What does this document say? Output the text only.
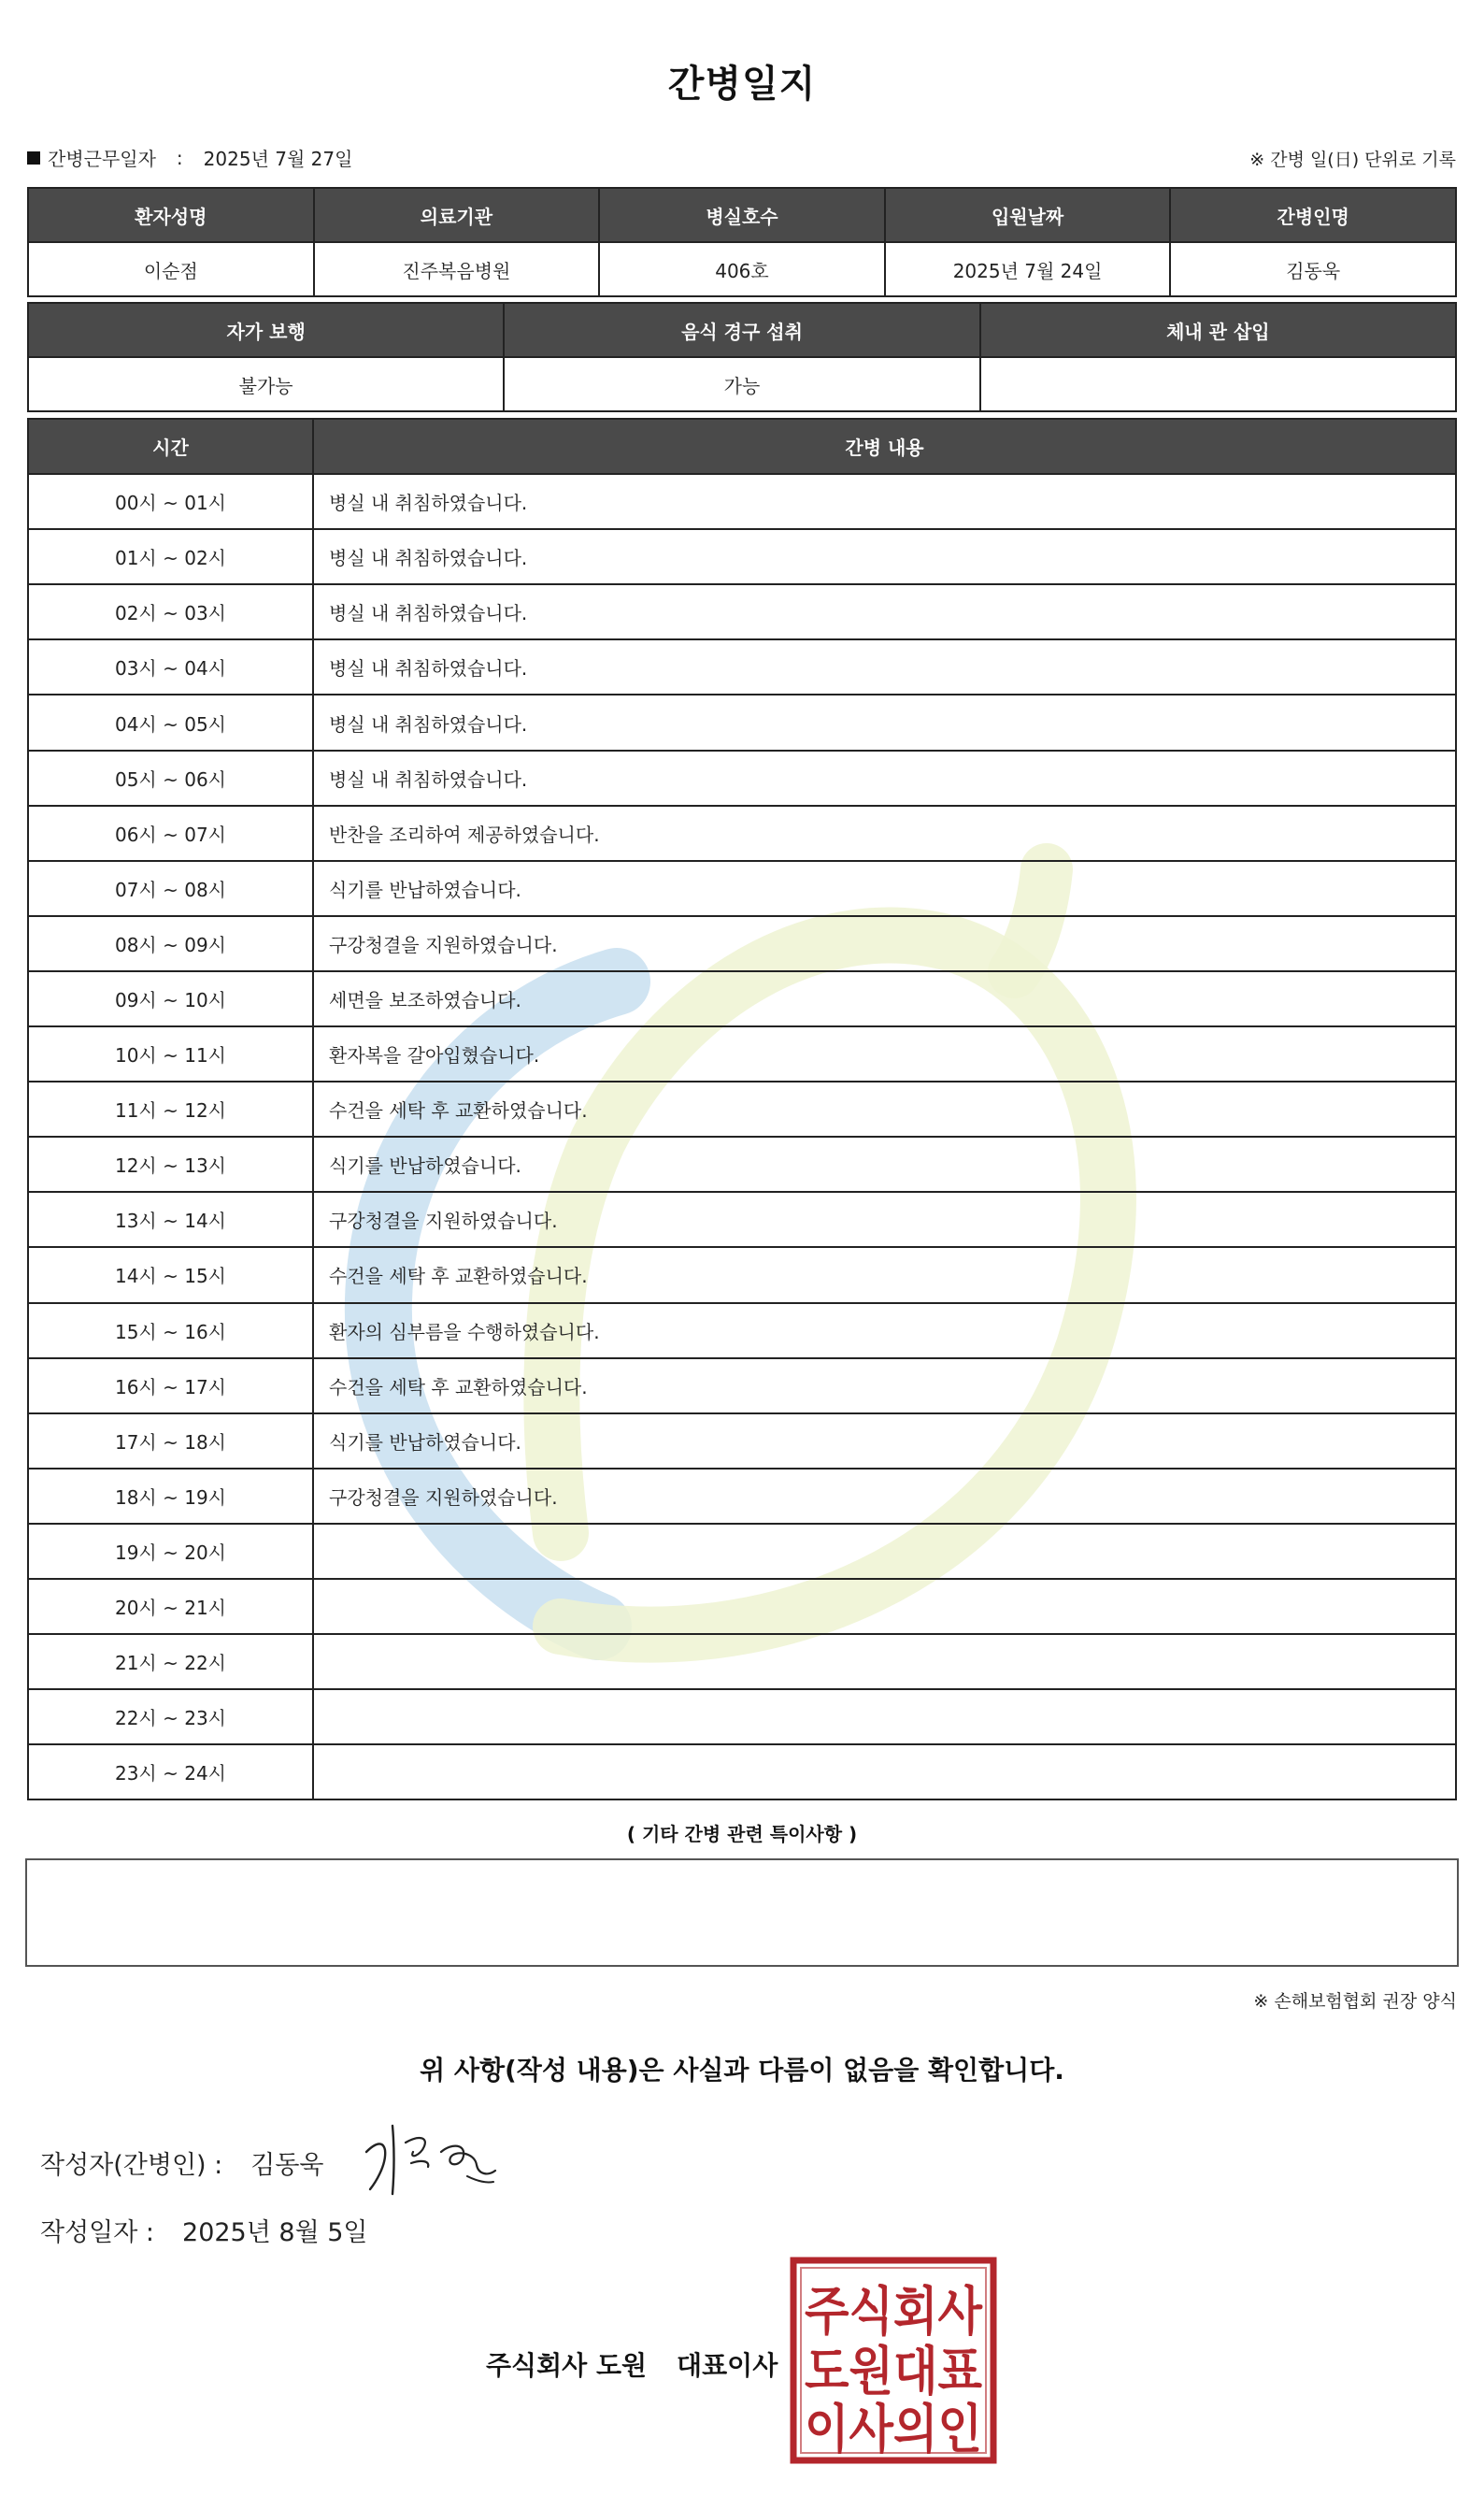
간병일지
간병근무일자 : 2025년 7월 27일	※ 간병 일(日) 단위로 기록
환자성명	의료기관	병실호수	입원날짜	간병인명
이순점	진주복음병원	406호	2025년 7월 24일	김동욱
자가 보행	음식 경구 섭취	체내 관 삽입
불가능	가능	
시간	간병 내용
00시 ~ 01시	병실 내 취침하였습니다.
01시 ~ 02시	병실 내 취침하였습니다.
02시 ~ 03시	병실 내 취침하였습니다.
03시 ~ 04시	병실 내 취침하였습니다.
04시 ~ 05시	병실 내 취침하였습니다.
05시 ~ 06시	병실 내 취침하였습니다.
06시 ~ 07시	반찬을 조리하여 제공하였습니다.
07시 ~ 08시	식기를 반납하였습니다.
08시 ~ 09시	구강청결을 지원하였습니다.
09시 ~ 10시	세면을 보조하였습니다.
10시 ~ 11시	환자복을 갈아입혔습니다.
11시 ~ 12시	수건을 세탁 후 교환하였습니다.
12시 ~ 13시	식기를 반납하였습니다.
13시 ~ 14시	구강청결을 지원하였습니다.
14시 ~ 15시	수건을 세탁 후 교환하였습니다.
15시 ~ 16시	환자의 심부름을 수행하였습니다.
16시 ~ 17시	수건을 세탁 후 교환하였습니다.
17시 ~ 18시	식기를 반납하였습니다.
18시 ~ 19시	구강청결을 지원하였습니다.
19시 ~ 20시	
20시 ~ 21시	
21시 ~ 22시	
22시 ~ 23시	
23시 ~ 24시	
( 기타 간병 관련 특이사항 )
※ 손해보험협회 권장 양식
위 사항(작성 내용)은 사실과 다름이 없음을 확인합니다.
작성자(간병인) : 김동욱
작성일자 : 2025년 8월 5일
주식회사 도원 대표이사
주식회사
도원대표
이사의인
